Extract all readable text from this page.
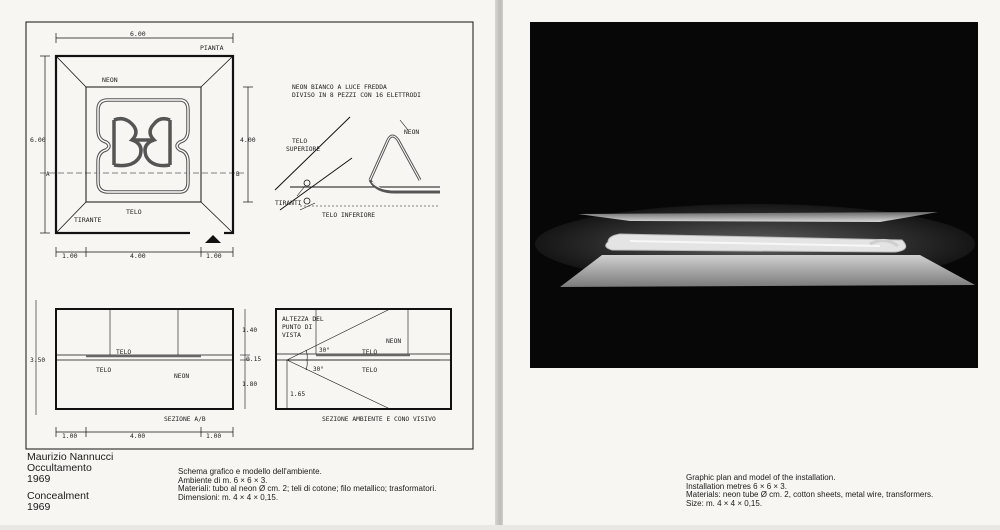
6.00
6.00
PIANTA
NEON
A	B
TELO
TIRANTE
4.00
1.00	4.00	1.00
NEON BIANCO A LUCE FREDDA
DIVISO IN 8 PEZZI CON 16 ELETTRODI
NEON
TELO
SUPERIORE
TIRANTI
TELO INFERIORE
TELO
TELO
NEON
1.40
0.15
1.80
3.50
SEZIONE A/B
1.00	4.00	1.00
ALTEZZA DEL
PUNTO DI
VISTA
30°
30°
TELO
TELO
NEON
1.65
SEZIONE AMBIENTE E CONO VISIVO
Maurizio Nannucci
Occultamento
1969
Concealment
1969
Schema grafico e modello dell'ambiente.
Ambiente di m. 6 × 6 × 3.
Materiali: tubo al neon Ø cm. 2; teli di cotone; filo metallico; trasformatori.
Dimensioni: m. 4 × 4 × 0,15.
Graphic plan and model of the installation.
Installation metres 6 × 6 × 3.
Materials: neon tube Ø cm. 2, cotton sheets, metal wire, transformers.
Size: m. 4 × 4 × 0,15.
